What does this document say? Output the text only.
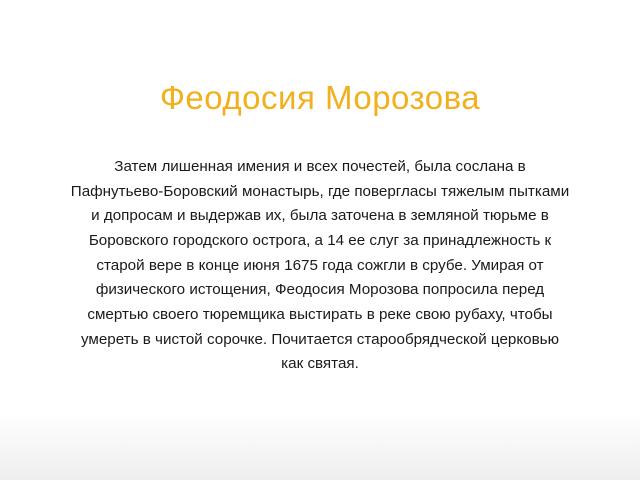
Феодосия Морозова

Затем лишенная имения и всех почестей, была сослана в Пафнутьево-Боровский монастырь, где повергласы тяжелым пытками и допросам и выдержав их, была заточена в земляной тюрьме в Боровского городского острога, а 14 ее слуг за принадлежность к старой вере в конце июня 1675 года сожгли в срубе. Умирая от физического истощения, Феодосия Морозова попросила перед смертью своего тюремщика выстирать в реке свою рубаху, чтобы умереть в чистой сорочке. Почитается старообрядческой церковью как святая.
